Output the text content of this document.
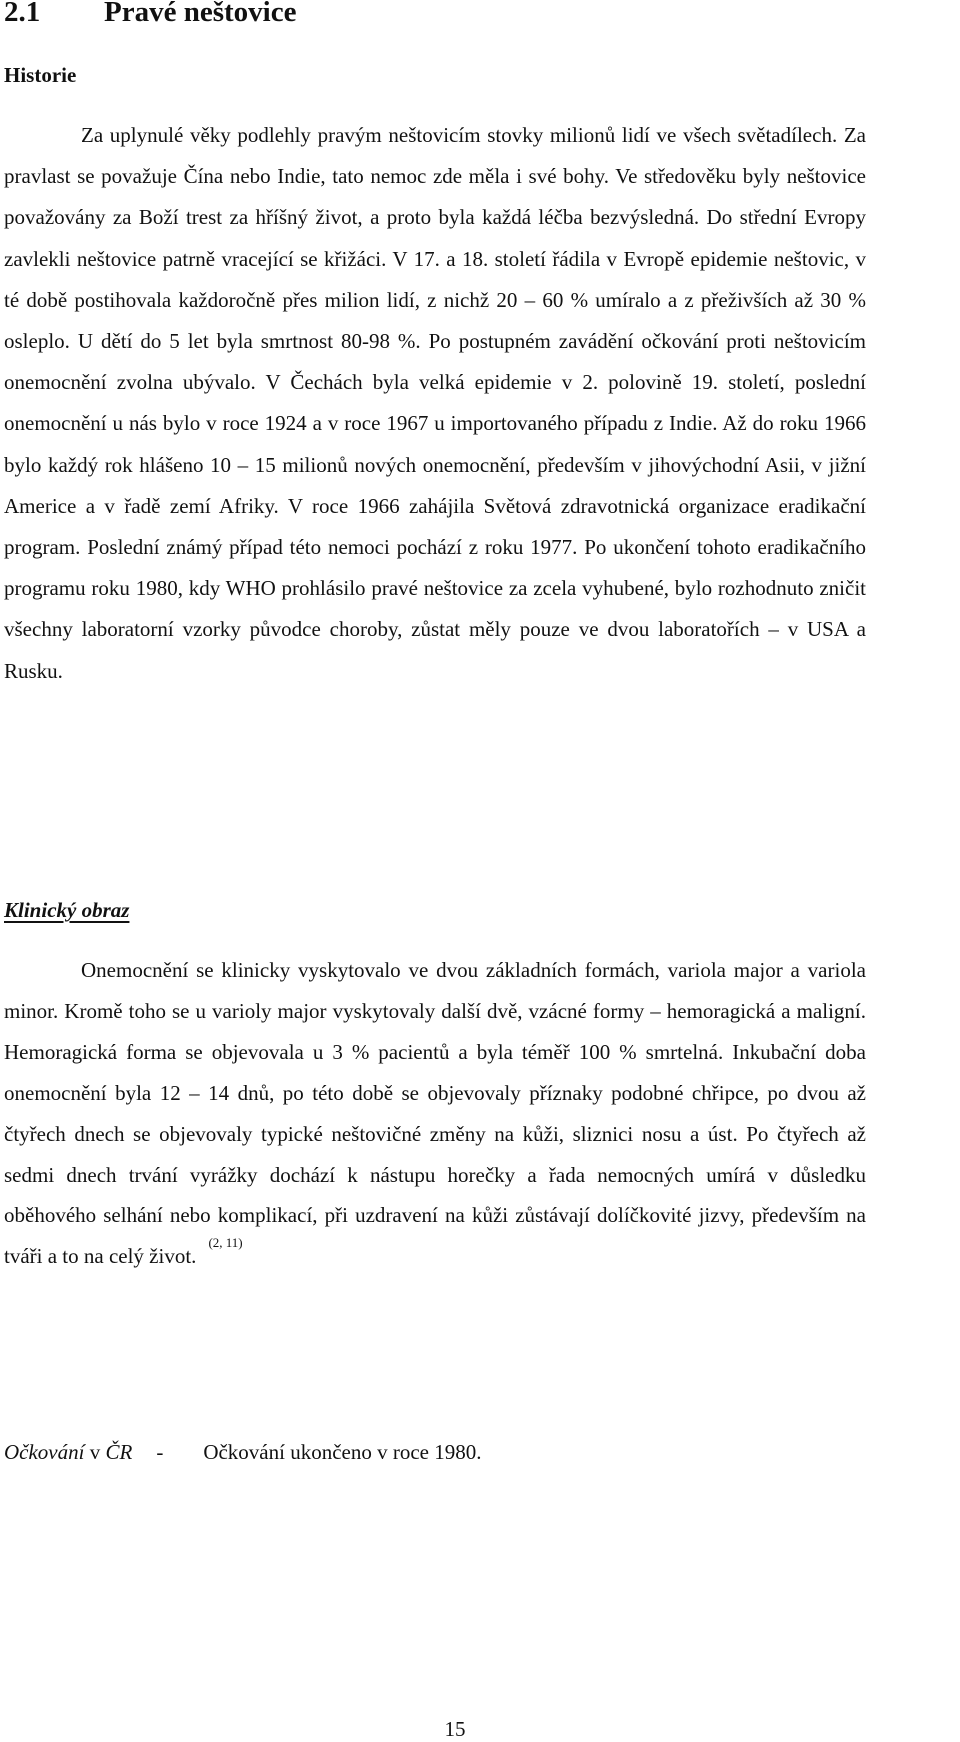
2.1 Pravé neštovice
Historie

Za uplynulé věky podlehly pravým neštovicím stovky milionů lidí ve všech světadílech. Za pravlast se považuje Čína nebo Indie, tato nemoc zde měla i své bohy. Ve středověku byly neštovice považovány za Boží trest za hříšný život, a proto byla každá léčba bezvýsledná. Do střední Evropy zavlekli neštovice patrně vracející se křižáci. V 17. a 18. století řádila v Evropě epidemie neštovic, v té době postihovala každoročně přes milion lidí, z nichž 20 – 60 % umíralo a z přeživších až 30 % osleplo. U dětí do 5 let byla smrtnost 80-98 %. Po postupném zavádění očkování proti neštovicím onemocnění zvolna ubývalo. V Čechách byla velká epidemie v 2. polovině 19. století, poslední onemocnění u nás bylo v roce 1924 a v roce 1967 u importovaného případu z Indie. Až do roku 1966 bylo každý rok hlášeno 10 – 15 milionů nových onemocnění, především v jihovýchodní Asii, v jižní Americe a v řadě zemí Afriky. V roce 1966 zahájila Světová zdravotnická organizace eradikační program. Poslední známý případ této nemoci pochází z roku 1977. Po ukončení tohoto eradikačního programu roku 1980, kdy WHO prohlásilo pravé neštovice za zcela vyhubené, bylo rozhodnuto zničit všechny laboratorní vzorky původce choroby, zůstat měly pouze ve dvou laboratořích – v USA a Rusku.

Klinický obraz

Onemocnění se klinicky vyskytovalo ve dvou základních formách, variola major a variola minor. Kromě toho se u varioly major vyskytovaly další dvě, vzácné formy – hemoragická a maligní. Hemoragická forma se objevovala u 3 % pacientů a byla téměř 100 % smrtelná. Inkubační doba onemocnění byla 12 – 14 dnů, po této době se objevovaly příznaky podobné chřipce, po dvou až čtyřech dnech se objevovaly typické neštovičné změny na kůži, sliznici nosu a úst. Po čtyřech až sedmi dnech trvání vyrážky dochází k nástupu horečky a řada nemocných umírá v důsledku oběhového selhání nebo komplikací, při uzdravení na kůži zůstávají dolíčkovité jizvy, především na tváři a to na celý život.$^{(2, 11)}$

Očkování v ČR - Očkování ukončeno v roce 1980.

15
